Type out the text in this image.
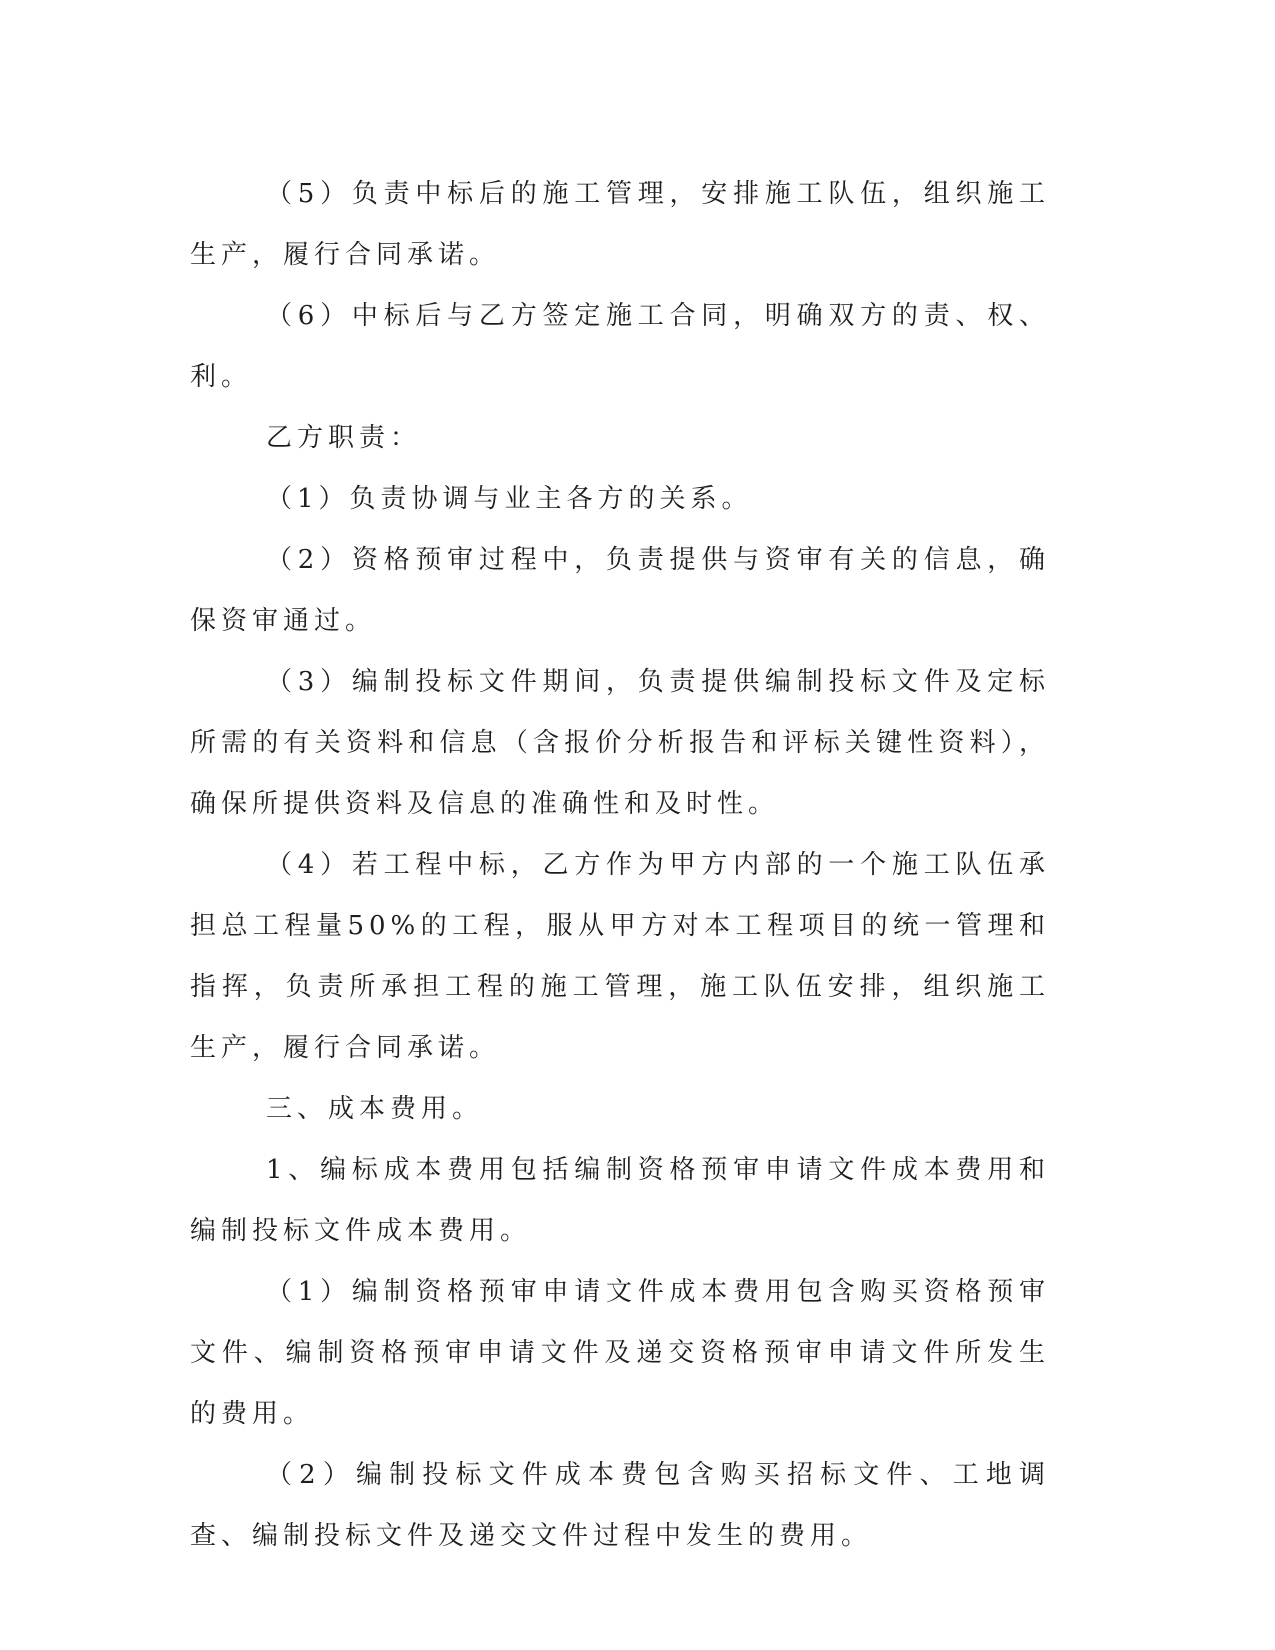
（5）负责中标后的施工管理，安排施工队伍，组织施工生产，履行合同承诺。

（6）中标后与乙方签定施工合同，明确双方的责、权、利。

乙方职责：

（1）负责协调与业主各方的关系。

（2）资格预审过程中，负责提供与资审有关的信息，确保资审通过。

（3）编制投标文件期间，负责提供编制投标文件及定标所需的有关资料和信息（含报价分析报告和评标关键性资料），确保所提供资料及信息的准确性和及时性。

（4）若工程中标，乙方作为甲方内部的一个施工队伍承担总工程量50%的工程，服从甲方对本工程项目的统一管理和指挥，负责所承担工程的施工管理，施工队伍安排，组织施工生产，履行合同承诺。

三、成本费用。

1、编标成本费用包括编制资格预审申请文件成本费用和编制投标文件成本费用。

（1）编制资格预审申请文件成本费用包含购买资格预审文件、编制资格预审申请文件及递交资格预审申请文件所发生的费用。

（2）编制投标文件成本费包含购买招标文件、工地调查、编制投标文件及递交文件过程中发生的费用。
